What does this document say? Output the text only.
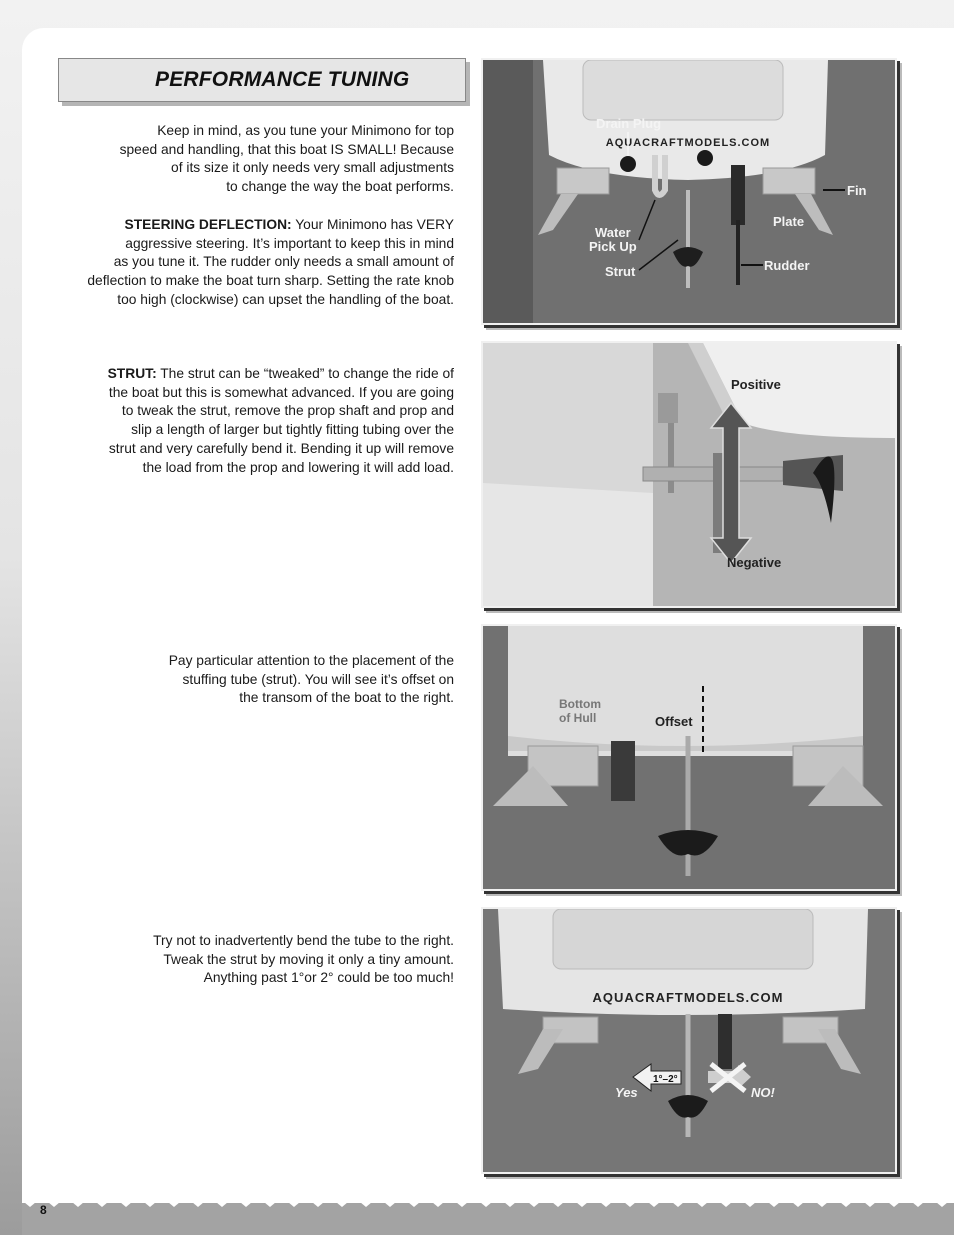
PERFORMANCE TUNING
Keep in mind, as you tune your Minimono for top
speed and handling, that this boat IS SMALL! Because
of its size it only needs very small adjustments
to change the way the boat performs.
STEERING DEFLECTION: Your Minimono has VERY
aggressive steering. It’s important to keep this in mind
as you tune it. The rudder only needs a small amount of
deflection to make the boat turn sharp. Setting the rate knob
too high (clockwise) can upset the handling of the boat.
STRUT: The strut can be “tweaked” to change the ride of
the boat but this is somewhat advanced. If you are going
to tweak the strut, remove the prop shaft and prop and
slip a length of larger but tightly fitting tubing over the
strut and very carefully bend it. Bending it up will remove
the load from the prop and lowering it will add load.
Pay particular attention to the placement of the
stuffing tube (strut). You will see it’s offset on
the transom of the boat to the right.
Try not to inadvertently bend the tube to the right.
Tweak the strut by moving it only a tiny amount.
Anything past 1°or 2° could be too much!
AQUACRAFTMODELS.COM
Drain Plug
Fin
Plate
Water
Pick Up
Strut	Rudder
Positive
Negative
Bottom
of Hull	Offset
AQUACRAFTMODELS.COM
1°–2°
Yes	NO!
8
